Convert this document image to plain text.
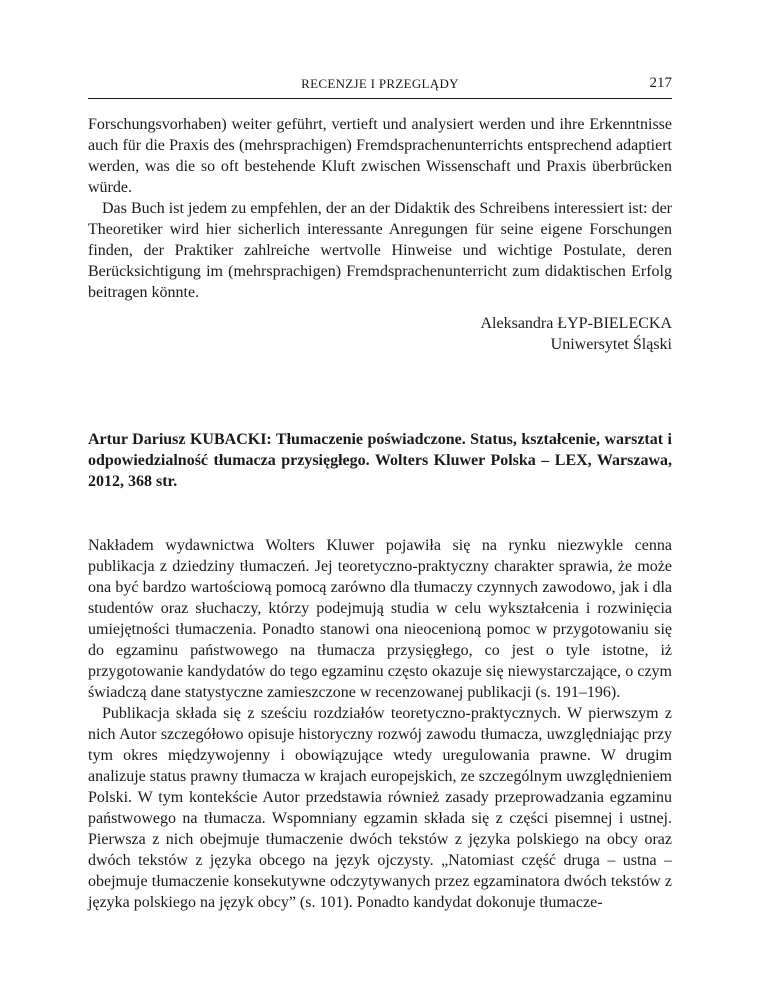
RECENZJE I PRZEGLĄDY	217

Forschungsvorhaben) weiter geführt, vertieft und analysiert werden und ihre Erkenntnisse auch für die Praxis des (mehrsprachigen) Fremdsprachenunterrichts entsprechend adaptiert werden, was die so oft bestehende Kluft zwischen Wissenschaft und Praxis überbrücken würde.

Das Buch ist jedem zu empfehlen, der an der Didaktik des Schreibens interessiert ist: der Theoretiker wird hier sicherlich interessante Anregungen für seine eigene Forschungen finden, der Praktiker zahlreiche wertvolle Hinweise und wichtige Postulate, deren Berücksichtigung im (mehrsprachigen) Fremdsprachenunterricht zum didaktischen Erfolg beitragen könnte.

Aleksandra ŁYP-BIELECKA
Uniwersytet Śląski
Artur Dariusz KUBACKI: Tłumaczenie poświadczone. Status, kształcenie, warsztat i odpowiedzialność tłumacza przysięgłego. Wolters Kluwer Polska – LEX, Warszawa, 2012, 368 str.

Nakładem wydawnictwa Wolters Kluwer pojawiła się na rynku niezwykle cenna publikacja z dziedziny tłumaczeń. Jej teoretyczno-praktyczny charakter sprawia, że może ona być bardzo wartościową pomocą zarówno dla tłumaczy czynnych zawodowo, jak i dla studentów oraz słuchaczy, którzy podejmują studia w celu wykształcenia i rozwinięcia umiejętności tłumaczenia. Ponadto stanowi ona nieocenioną pomoc w przygotowaniu się do egzaminu państwowego na tłumacza przysięgłego, co jest o tyle istotne, iż przygotowanie kandydatów do tego egzaminu często okazuje się niewystarczające, o czym świadczą dane statystyczne zamieszczone w recenzowanej publikacji (s. 191–196).

Publikacja składa się z sześciu rozdziałów teoretyczno-praktycznych. W pierwszym z nich Autor szczegółowo opisuje historyczny rozwój zawodu tłumacza, uwzględniając przy tym okres międzywojenny i obowiązujące wtedy uregulowania prawne. W drugim analizuje status prawny tłumacza w krajach europejskich, ze szczególnym uwzględnieniem Polski. W tym kontekście Autor przedstawia również zasady przeprowadzania egzaminu państwowego na tłumacza. Wspomniany egzamin składa się z części pisemnej i ustnej. Pierwsza z nich obejmuje tłumaczenie dwóch tekstów z języka polskiego na obcy oraz dwóch tekstów z języka obcego na język ojczysty. „Natomiast część druga – ustna – obejmuje tłumaczenie konsekutywne odczytywanych przez egzaminatora dwóch tekstów z języka polskiego na język obcy” (s. 101). Ponadto kandydat dokonuje tłumacze-
